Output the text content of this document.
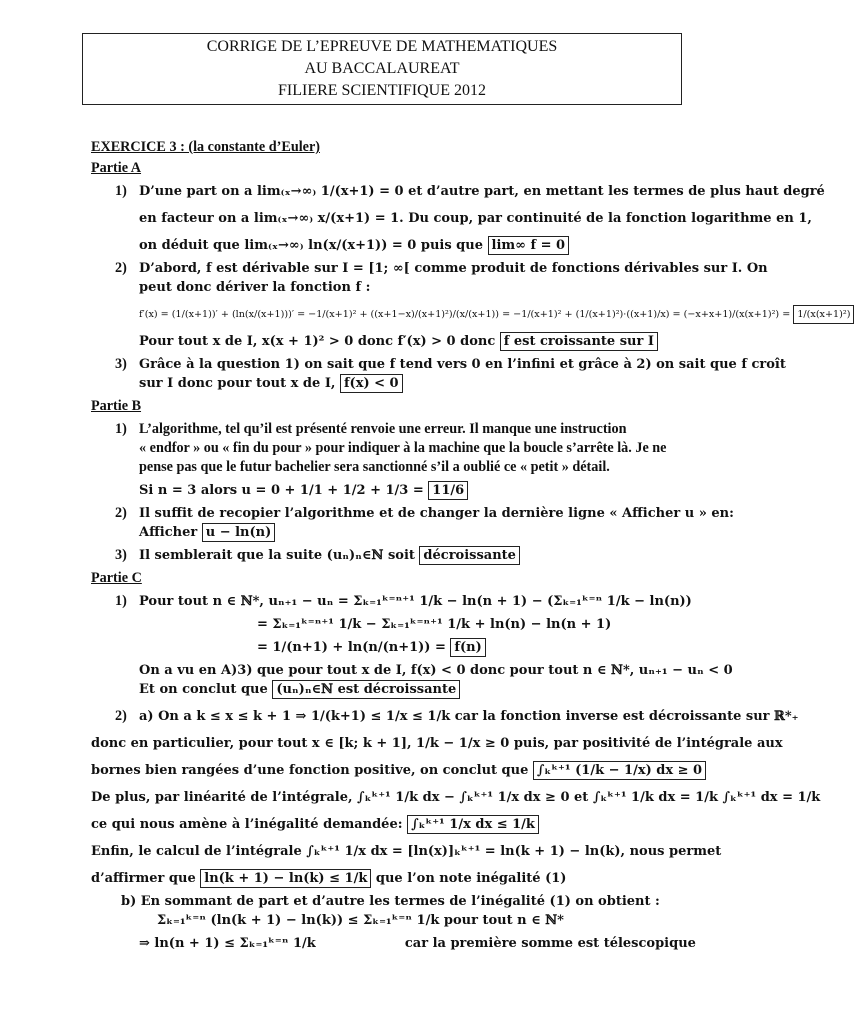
CORRIGE DE L’EPREUVE DE MATHEMATIQUES
AU BACCALAUREAT
FILIERE SCIENTIFIQUE 2012
EXERCICE 3 : (la constante d’Euler)
Partie A
1) D’une part on a lim₍ₓ→∞₎ 1/(x+1) = 0 et d’autre part, en mettant les termes de plus haut degré
en facteur on a lim₍ₓ→∞₎ x/(x+1) = 1. Du coup, par continuité de la fonction logarithme en 1,
on déduit que lim₍ₓ→∞₎ ln(x/(x+1)) = 0 puis que lim∞ f = 0
2) D’abord, f est dérivable sur I = [1; ∞[ comme produit de fonctions dérivables sur I. On
peut donc dériver la fonction f :
f′(x) = (1/(x+1))′ + (ln(x/(x+1)))′ = −1/(x+1)² + ((x+1−x)/(x+1)²)/(x/(x+1)) = −1/(x+1)² + (1/(x+1)²)·((x+1)/x) = (−x+x+1)/(x(x+1)²) = 1/(x(x+1)²)
Pour tout x de I, x(x + 1)² > 0 donc f′(x) > 0 donc f est croissante sur I
3) Grâce à la question 1) on sait que f tend vers 0 en l’infini et grâce à 2) on sait que f croît
sur I donc pour tout x de I, f(x) < 0
Partie B
1) L’algorithme, tel qu’il est présenté renvoie une erreur. Il manque une instruction
« endfor » ou « fin du pour » pour indiquer à la machine que la boucle s’arrête là. Je ne
pense pas que le futur bachelier sera sanctionné s’il a oublié ce « petit » détail.
Si n = 3 alors u = 0 + 1/1 + 1/2 + 1/3 = 11/6
2) Il suffit de recopier l’algorithme et de changer la dernière ligne « Afficher u » en:
Afficher u − ln(n)
3) Il semblerait que la suite (uₙ)ₙ∈ℕ soit décroissante
Partie C
1) Pour tout n ∈ ℕ*, uₙ₊₁ − uₙ = Σₖ₌₁ᵏ⁼ⁿ⁺¹ 1/k − ln(n + 1) − (Σₖ₌₁ᵏ⁼ⁿ 1/k − ln(n))
= Σₖ₌₁ᵏ⁼ⁿ⁺¹ 1/k − Σₖ₌₁ᵏ⁼ⁿ⁺¹ 1/k + ln(n) − ln(n + 1)
= 1/(n+1) + ln(n/(n+1)) = f(n)
On a vu en A)3) que pour tout x de I, f(x) < 0 donc pour tout n ∈ ℕ*, uₙ₊₁ − uₙ < 0
Et on conclut que (uₙ)ₙ∈ℕ est décroissante
2) a) On a k ≤ x ≤ k + 1 ⇒ 1/(k+1) ≤ 1/x ≤ 1/k car la fonction inverse est décroissante sur ℝ*₊
donc en particulier, pour tout x ∈ [k; k + 1], 1/k − 1/x ≥ 0 puis, par positivité de l’intégrale aux
bornes bien rangées d’une fonction positive, on conclut que ∫ₖᵏ⁺¹ (1/k − 1/x) dx ≥ 0
De plus, par linéarité de l’intégrale, ∫ₖᵏ⁺¹ 1/k dx − ∫ₖᵏ⁺¹ 1/x dx ≥ 0 et ∫ₖᵏ⁺¹ 1/k dx = 1/k ∫ₖᵏ⁺¹ dx = 1/k
ce qui nous amène à l’inégalité demandée: ∫ₖᵏ⁺¹ 1/x dx ≤ 1/k
Enfin, le calcul de l’intégrale ∫ₖᵏ⁺¹ 1/x dx = [ln(x)]ₖᵏ⁺¹ = ln(k + 1) − ln(k), nous permet
d’affirmer que ln(k + 1) − ln(k) ≤ 1/k que l’on note inégalité (1)
b) En sommant de part et d’autre les termes de l’inégalité (1) on obtient :
Σₖ₌₁ᵏ⁼ⁿ (ln(k + 1) − ln(k)) ≤ Σₖ₌₁ᵏ⁼ⁿ 1/k pour tout n ∈ ℕ*
⇒ ln(n + 1) ≤ Σₖ₌₁ᵏ⁼ⁿ 1/k	car la première somme est télescopique
